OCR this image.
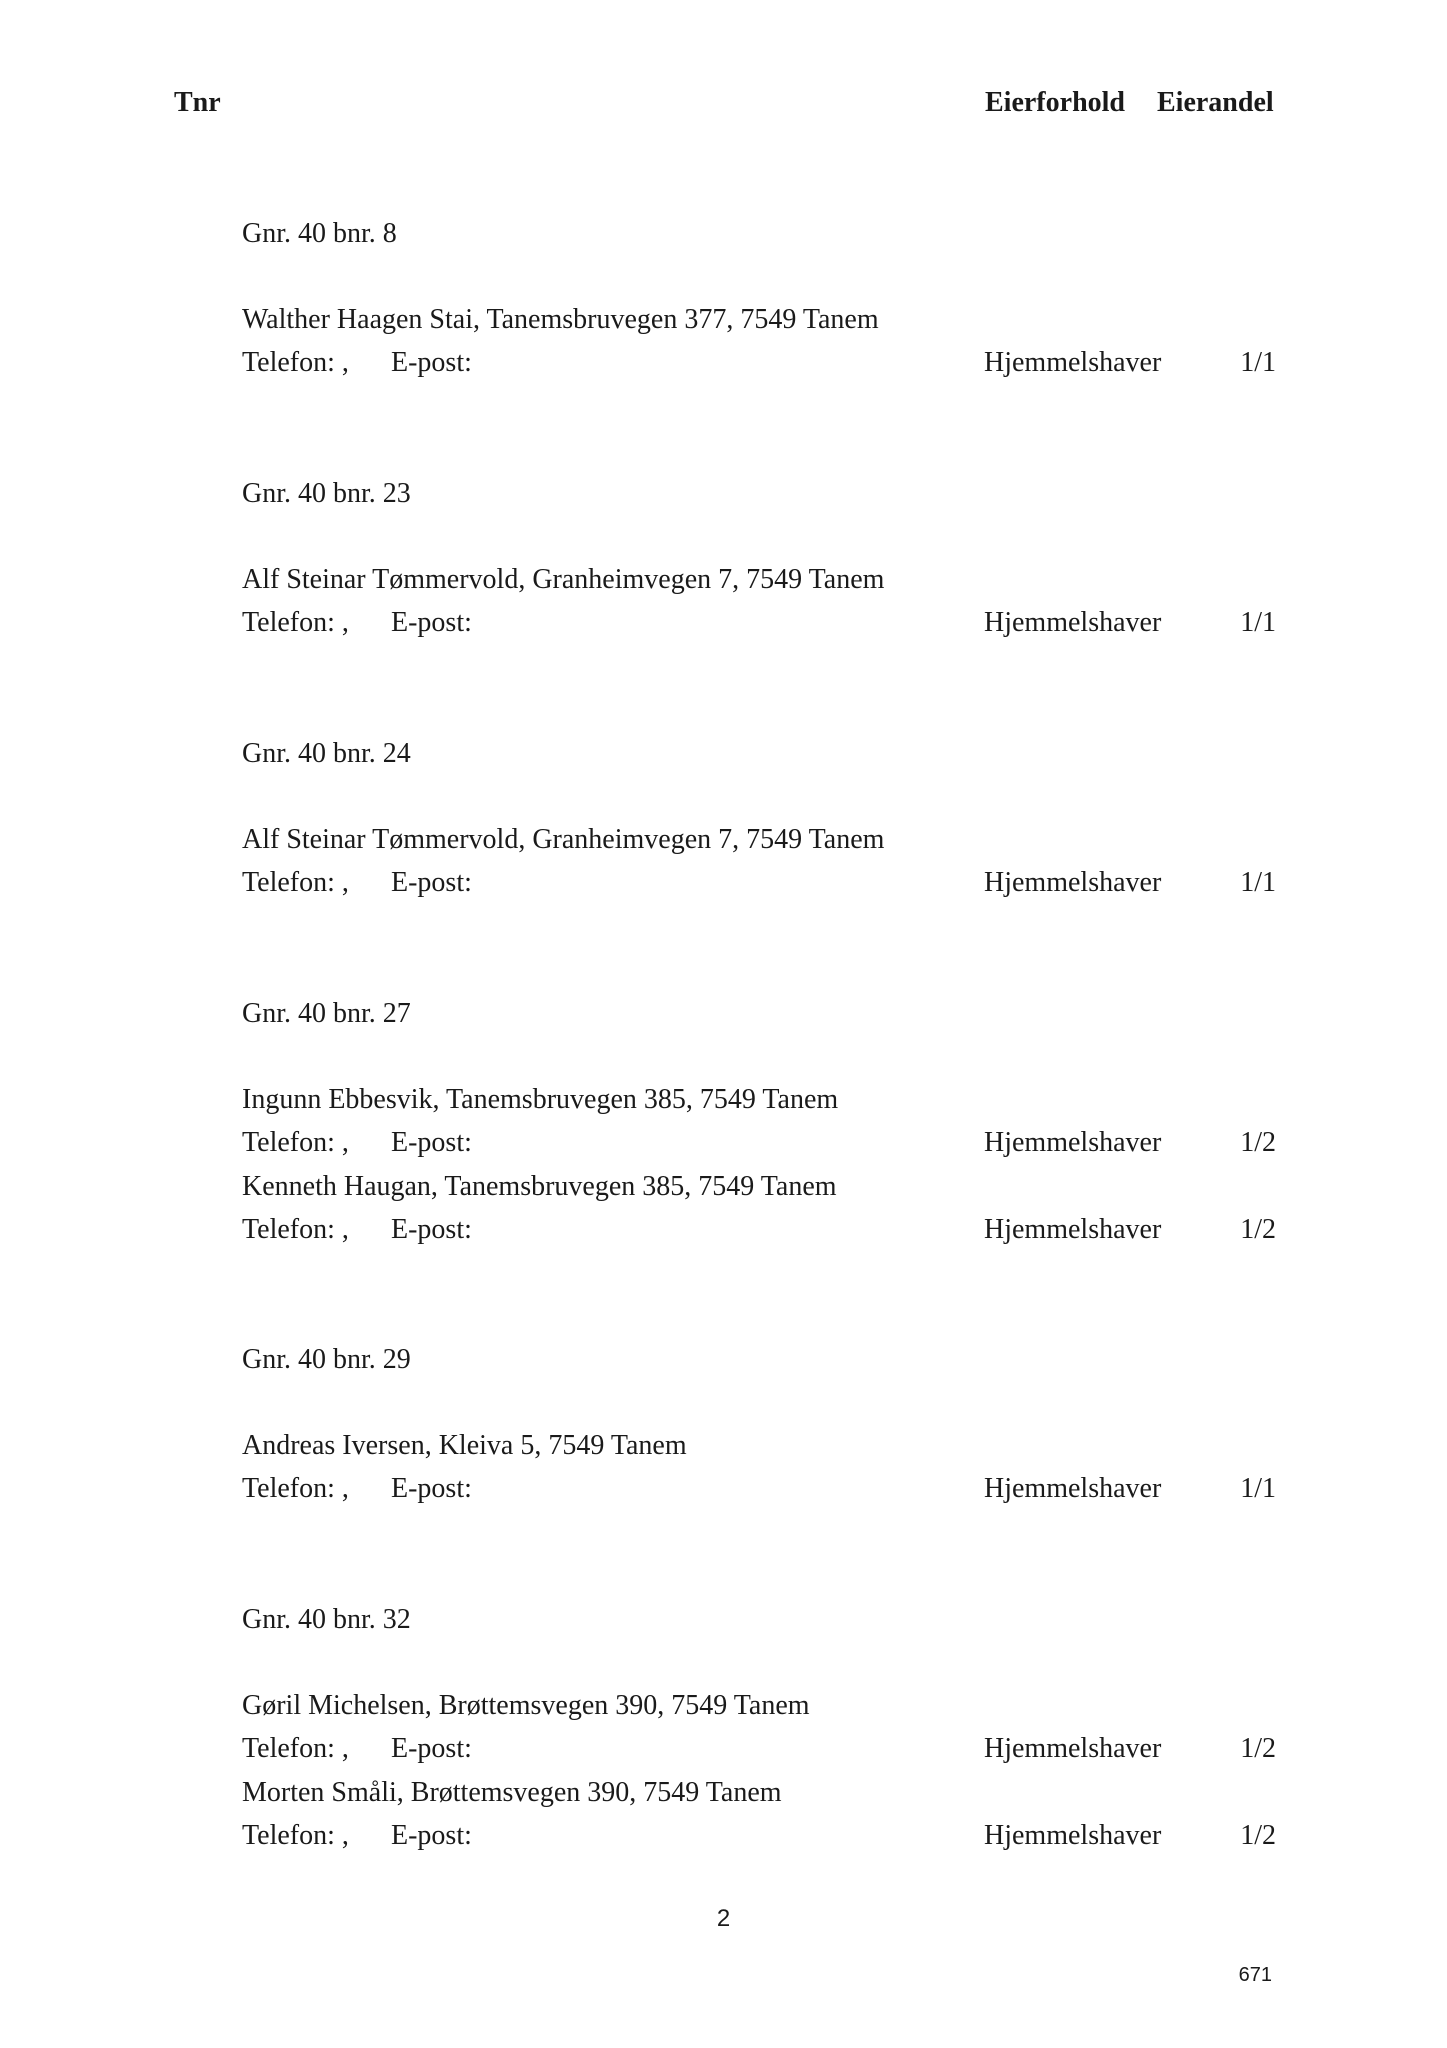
Tnr	Eierforhold Eierandel
Gnr. 40 bnr. 8
Walther Haagen Stai, Tanemsbruvegen 377, 7549 Tanem
Telefon: , E-post:	Hjemmelshaver	1/1
Gnr. 40 bnr. 23
Alf Steinar Tømmervold, Granheimvegen 7, 7549 Tanem
Telefon: , E-post:	Hjemmelshaver	1/1
Gnr. 40 bnr. 24
Alf Steinar Tømmervold, Granheimvegen 7, 7549 Tanem
Telefon: , E-post:	Hjemmelshaver	1/1
Gnr. 40 bnr. 27
Ingunn Ebbesvik, Tanemsbruvegen 385, 7549 Tanem
Telefon: , E-post:	Hjemmelshaver	1/2
Kenneth Haugan, Tanemsbruvegen 385, 7549 Tanem
Telefon: , E-post:	Hjemmelshaver	1/2
Gnr. 40 bnr. 29
Andreas Iversen, Kleiva 5, 7549 Tanem
Telefon: , E-post:	Hjemmelshaver	1/1
Gnr. 40 bnr. 32
Gøril Michelsen, Brøttemsvegen 390, 7549 Tanem
Telefon: , E-post:	Hjemmelshaver	1/2
Morten Småli, Brøttemsvegen 390, 7549 Tanem
Telefon: , E-post:	Hjemmelshaver	1/2
2
671
